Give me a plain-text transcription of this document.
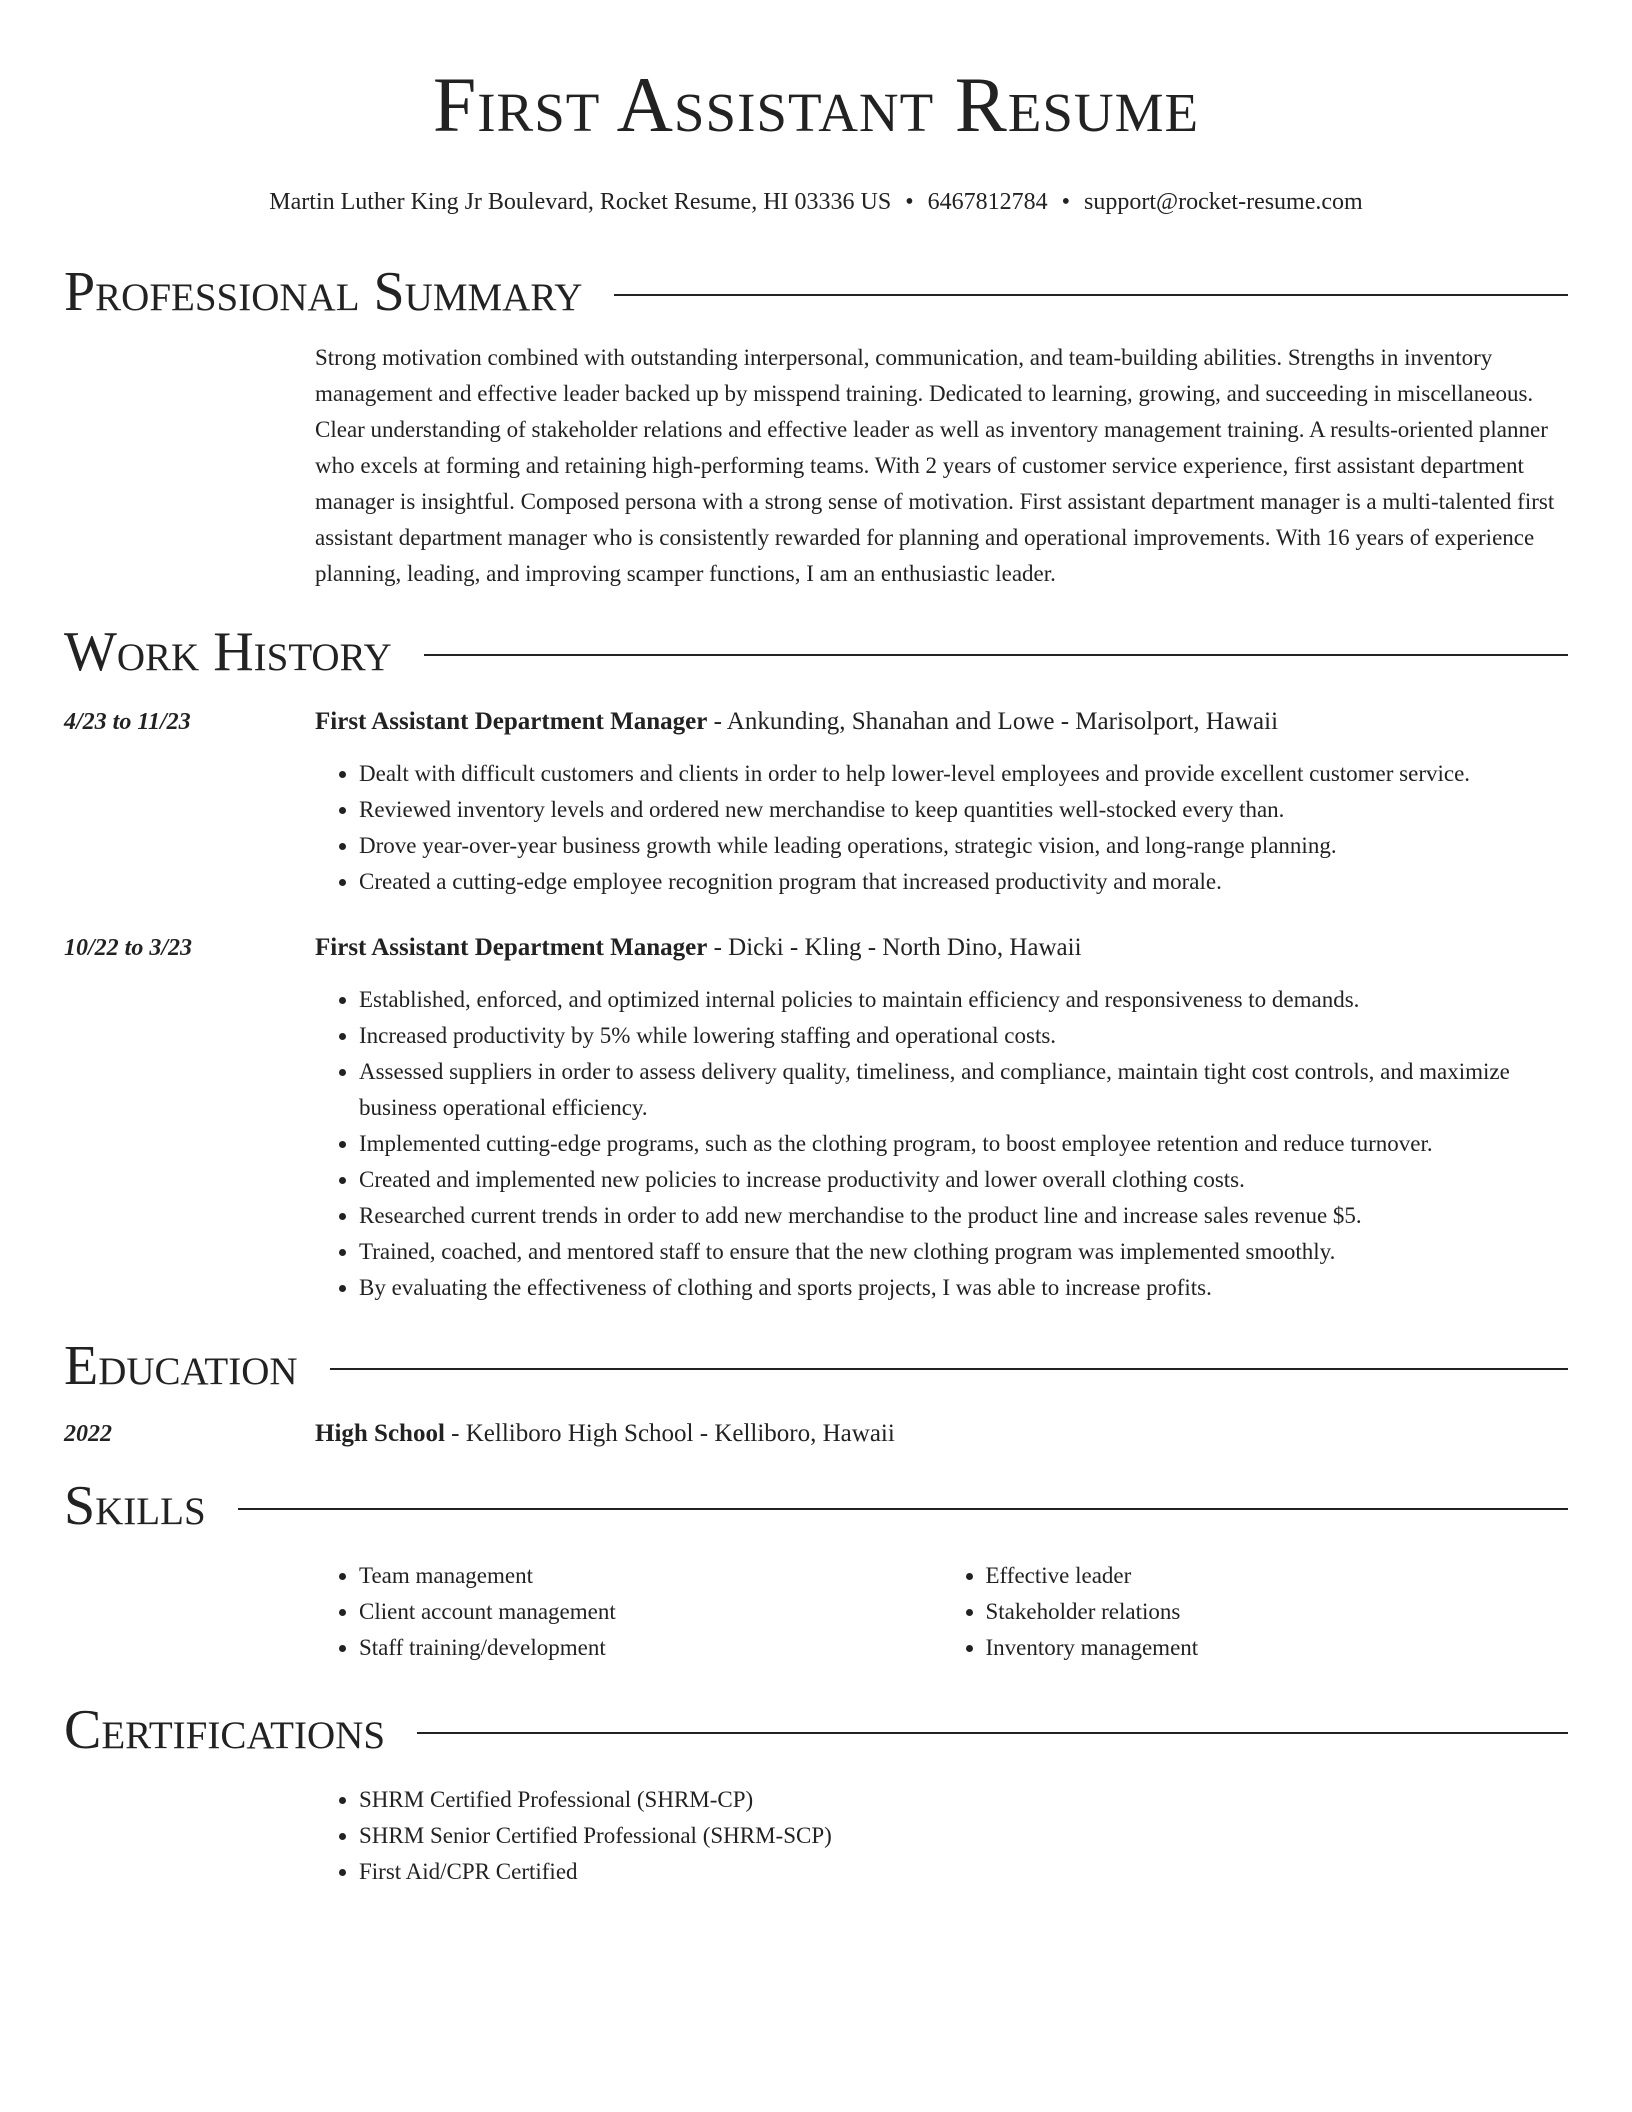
First Assistant Resume
Martin Luther King Jr Boulevard, Rocket Resume, HI 03336 US • 6467812784 • support@rocket-resume.com
Professional Summary
Strong motivation combined with outstanding interpersonal, communication, and team-building abilities. Strengths in inventory management and effective leader backed up by misspend training. Dedicated to learning, growing, and succeeding in miscellaneous. Clear understanding of stakeholder relations and effective leader as well as inventory management training. A results-oriented planner who excels at forming and retaining high-performing teams. With 2 years of customer service experience, first assistant department manager is insightful. Composed persona with a strong sense of motivation. First assistant department manager is a multi-talented first assistant department manager who is consistently rewarded for planning and operational improvements. With 16 years of experience planning, leading, and improving scamper functions, I am an enthusiastic leader.
Work History
4/23 to 11/23	First Assistant Department Manager - Ankunding, Shanahan and Lowe - Marisolport, Hawaii
• Dealt with difficult customers and clients in order to help lower-level employees and provide excellent customer service.
• Reviewed inventory levels and ordered new merchandise to keep quantities well-stocked every than.
• Drove year-over-year business growth while leading operations, strategic vision, and long-range planning.
• Created a cutting-edge employee recognition program that increased productivity and morale.
10/22 to 3/23	First Assistant Department Manager - Dicki - Kling - North Dino, Hawaii
• Established, enforced, and optimized internal policies to maintain efficiency and responsiveness to demands.
• Increased productivity by 5% while lowering staffing and operational costs.
• Assessed suppliers in order to assess delivery quality, timeliness, and compliance, maintain tight cost controls, and maximize business operational efficiency.
• Implemented cutting-edge programs, such as the clothing program, to boost employee retention and reduce turnover.
• Created and implemented new policies to increase productivity and lower overall clothing costs.
• Researched current trends in order to add new merchandise to the product line and increase sales revenue $5.
• Trained, coached, and mentored staff to ensure that the new clothing program was implemented smoothly.
• By evaluating the effectiveness of clothing and sports projects, I was able to increase profits.
Education
2022	High School - Kelliboro High School - Kelliboro, Hawaii
Skills
• Team management
• Client account management
• Staff training/development
• Effective leader
• Stakeholder relations
• Inventory management
Certifications
• SHRM Certified Professional (SHRM-CP)
• SHRM Senior Certified Professional (SHRM-SCP)
• First Aid/CPR Certified
